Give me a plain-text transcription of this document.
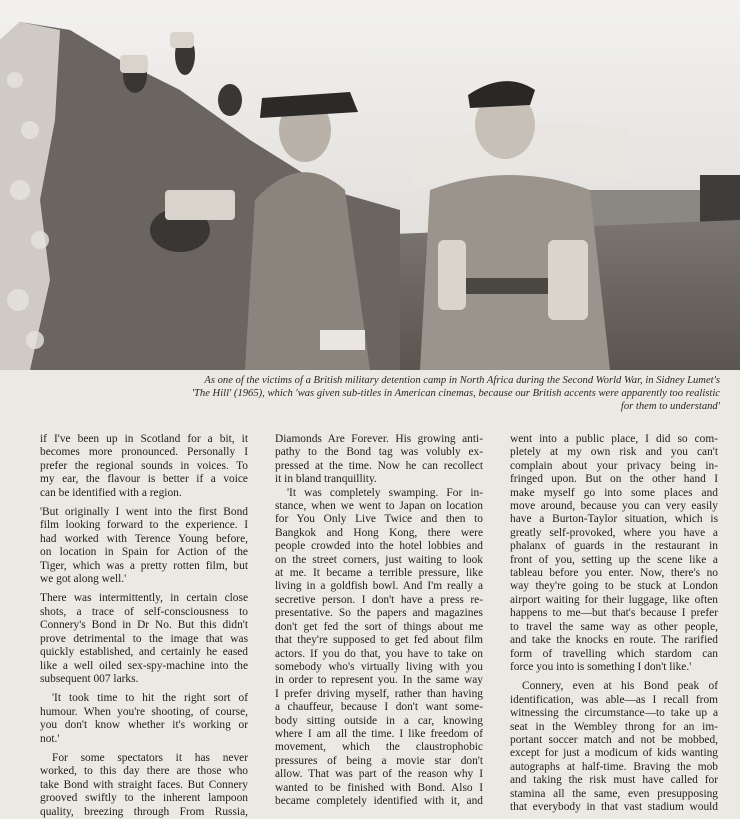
As one of the victims of a British military detention camp in North Africa during the Second World War, in Sidney Lumet's
'The Hill' (1965), which 'was given sub-titles in American cinemas, because our British accents were apparently too realistic
for them to understand'
if I've been up in Scotland for a bit, it
becomes more pronounced. Personally I
prefer the regional sounds in voices. To
my ear, the flavour is better if a voice
can be identified with a region.
'But originally I went into the first Bond
film looking forward to the experience. I
had worked with Terence Young before,
on location in Spain for Action of the
Tiger, which was a pretty rotten film, but
we got along well.'
There was intermittently, in certain close
shots, a trace of self-consciousness to
Connery's Bond in Dr No. But this didn't
prove detrimental to the image that was
quickly established, and certainly he eased
like a well oiled sex-spy-machine into the
subsequent 007 larks.
'It took time to hit the right sort of
humour. When you're shooting, of course,
you don't know whether it's working or
not.'
For some spectators it has never
worked, to this day there are those who
take Bond with straight faces. But Connery
grooved swiftly to the inherent lampoon
quality, breezing through From Russia,
Diamonds Are Forever. His growing anti-
pathy to the Bond tag was volubly ex-
pressed at the time. Now he can recollect
it in bland tranquillity.
'It was completely swamping. For in-
stance, when we went to Japan on location
for You Only Live Twice and then to
Bangkok and Hong Kong, there were
people crowded into the hotel lobbies and
on the street corners, just waiting to look
at me. It became a terrible pressure, like
living in a goldfish bowl. And I'm really a
secretive person. I don't have a press re-
presentative. So the papers and magazines
don't get fed the sort of things about me
that they're supposed to get fed about film
actors. If you do that, you have to take on
somebody who's virtually living with you
in order to represent you. In the same way
I prefer driving myself, rather than having
a chauffeur, because I don't want some-
body sitting outside in a car, knowing
where I am all the time. I like freedom of
movement, which the claustrophobic
pressures of being a movie star don't
allow. That was part of the reason why I
wanted to be finished with Bond. Also I
became completely identified with it, and
went into a public place, I did so com-
pletely at my own risk and you can't
complain about your privacy being in-
fringed upon. But on the other hand I
make myself go into some places and
move around, because you can very easily
have a Burton-Taylor situation, which is
greatly self-provoked, where you have a
phalanx of guards in the restaurant in
front of you, setting up the scene like a
tableau before you enter. Now, there's no
way they're going to be stuck at London
airport waiting for their luggage, like often
happens to me—but that's because I prefer
to travel the same way as other people,
and take the knocks en route. The rarified
form of travelling which stardom can
force you into is something I don't like.'
Connery, even at his Bond peak of
identification, was able—as I recall from
witnessing the circumstance—to take up a
seat in the Wembley throng for an im-
portant soccer match and not be mobbed,
except for just a modicum of kids wanting
autographs at half-time. Braving the mob
and taking the risk must have called for
stamina all the same, even presupposing
that everybody in that vast stadium would
